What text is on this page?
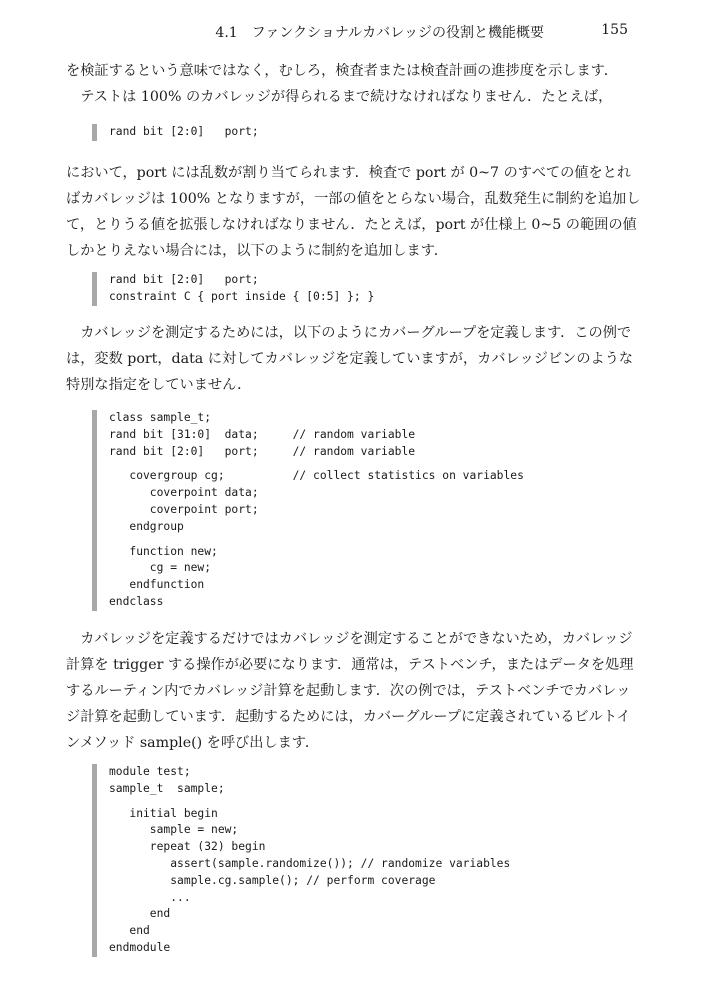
4.1　ファンクショナルカバレッジの役割と機能概要	155

を検証するという意味ではなく，むしろ，検査者または検査計画の進捗度を示します．

　テストは 100% のカバレッジが得られるまで続けなければなりません．たとえば，

rand bit [2:0]   port;

において，port には乱数が割り当てられます．検査で port が 0~7 のすべての値をとればカバレッジは 100% となりますが，一部の値をとらない場合，乱数発生に制約を追加して，とりうる値を拡張しなければなりません．たとえば，port が仕様上 0~5 の範囲の値しかとりえない場合には，以下のように制約を追加します．

rand bit [2:0]   port;
constraint C { port inside { [0:5] }; }

　カバレッジを測定するためには，以下のようにカバーグループを定義します．この例では，変数 port，data に対してカバレッジを定義していますが，カバレッジビンのような特別な指定をしていません．

class sample_t;
rand bit [31:0]  data;     // random variable
rand bit [2:0]   port;     // random variable
covergroup cg;          // collect statistics on variables
coverpoint data;
coverpoint port;
endgroup
function new;
cg = new;
endfunction
endclass

　カバレッジを定義するだけではカバレッジを測定することができないため，カバレッジ計算を trigger する操作が必要になります．通常は，テストベンチ，またはデータを処理するルーティン内でカバレッジ計算を起動します．次の例では，テストベンチでカバレッジ計算を起動しています．起動するためには，カバーグループに定義されているビルトインメソッド sample() を呼び出します．

module test;
sample_t  sample;
initial begin
sample = new;
repeat (32) begin
assert(sample.randomize()); // randomize variables
sample.cg.sample(); // perform coverage
...
end
end
endmodule
